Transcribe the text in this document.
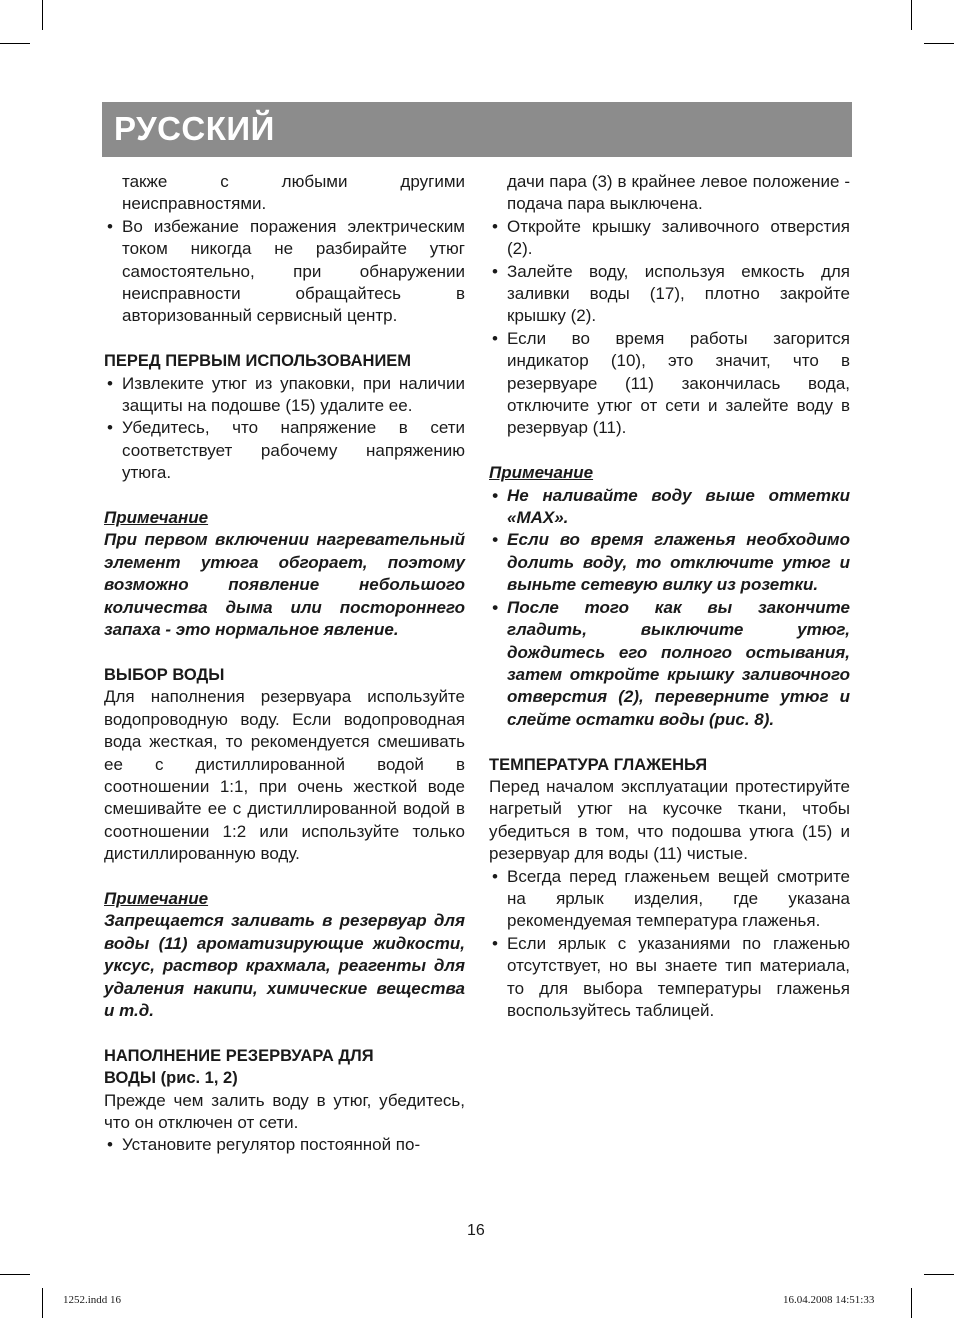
РУССКИЙ

также с любыми другими неисправностями.

• Во избежание поражения электрическим током никогда не разбирайте утюг самостоятельно, при обнаружении неисправности обращайтесь в авторизованный сервисный центр.

ПЕРЕД ПЕРВЫМ ИСПОЛЬЗОВАНИЕМ

• Извлеките утюг из упаковки, при наличии защиты на подошве (15) удалите ее.

• Убедитесь, что напряжение в сети соответствует рабочему напряжению утюга.

Примечание

При первом включении нагревательный элемент утюга обгорает, поэтому возможно появление небольшого количества дыма или постороннего запаха - это нормальное явление.

ВЫБОР ВОДЫ

Для наполнения резервуара используйте водопроводную воду. Если водопроводная вода жесткая, то рекомендуется смешивать ее с дистиллированной водой в соотношении 1:1, при очень жесткой воде смешивайте ее с дистиллированной водой в соотношении 1:2 или используйте только дистиллированную воду.

Примечание

Запрещается заливать в резервуар для воды (11) ароматизирующие жидкости, уксус, раствор крахмала, реагенты для удаления накипи, химические вещества и т.д.

НАПОЛНЕНИЕ РЕЗЕРВУАРА ДЛЯ
ВОДЫ (рис. 1, 2)

Прежде чем залить воду в утюг, убедитесь, что он отключен от сети.

• Установите регулятор постоянной по-

дачи пара (3) в крайнее левое положение - подача пара выключена.

• Откройте крышку заливочного отверстия (2).

• Залейте воду, используя емкость для заливки воды (17), плотно закройте крышку (2).

• Если во время работы загорится индикатор (10), это значит, что в резервуаре (11) закончилась вода, отключите утюг от сети и залейте воду в резервуар (11).

Примечание

• Не наливайте воду выше отметки «MAX».

• Если во время глаженья необходимо долить воду, то отключите утюг и выньте сетевую вилку из розетки.

• После того как вы закончите гладить, выключите утюг, дождитесь его полного остывания, затем откройте крышку заливочного отверстия (2), переверните утюг и слейте остатки воды (рис. 8).

ТЕМПЕРАТУРА ГЛАЖЕНЬЯ

Перед началом эксплуатации протестируйте нагретый утюг на кусочке ткани, чтобы убедиться в том, что подошва утюга (15) и резервуар для воды (11) чистые.

• Всегда перед глаженьем вещей смотрите на ярлык изделия, где указана рекомендуемая температура глаженья.

• Если ярлык с указаниями по глаженью отсутствует, но вы знаете тип материала, то для выбора температуры глаженья воспользуйтесь таблицей.

16
1252.indd 16	16.04.2008 14:51:33
